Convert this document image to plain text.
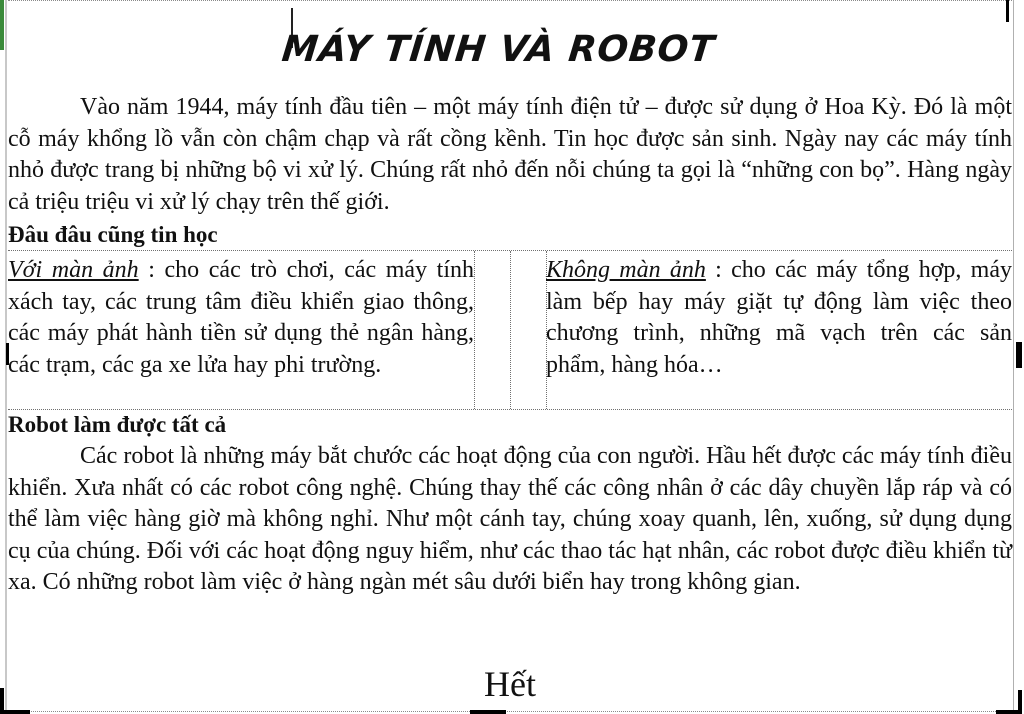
MÁY TÍNH VÀ ROBOT

Vào năm 1944, máy tính đầu tiên – một máy tính điện tử – được sử dụng ở Hoa Kỳ. Đó là một cỗ máy khổng lồ vẫn còn chậm chạp và rất cồng kềnh. Tin học được sản sinh. Ngày nay các máy tính nhỏ được trang bị những bộ vi xử lý. Chúng rất nhỏ đến nỗi chúng ta gọi là “những con bọ”. Hàng ngày cả triệu triệu vi xử lý chạy trên thế giới.

Đâu đâu cũng tin học

Với màn ảnh : cho các trò chơi, các máy tính xách tay, các trung tâm điều khiển giao thông, các máy phát hành tiền sử dụng thẻ ngân hàng, các trạm, các ga xe lửa hay phi trường.

Không màn ảnh : cho các máy tổng hợp, máy làm bếp hay máy giặt tự động làm việc theo chương trình, những mã vạch trên các sản phẩm, hàng hóa…

Robot làm được tất cả

Các robot là những máy bắt chước các hoạt động của con người. Hầu hết được các máy tính điều khiển. Xưa nhất có các robot công nghệ. Chúng thay thế các công nhân ở các dây chuyền lắp ráp và có thể làm việc hàng giờ mà không nghỉ. Như một cánh tay, chúng xoay quanh, lên, xuống, sử dụng dụng cụ của chúng. Đối với các hoạt động nguy hiểm, như các thao tác hạt nhân, các robot được điều khiển từ xa. Có những robot làm việc ở hàng ngàn mét sâu dưới biển hay trong không gian.

Hết
